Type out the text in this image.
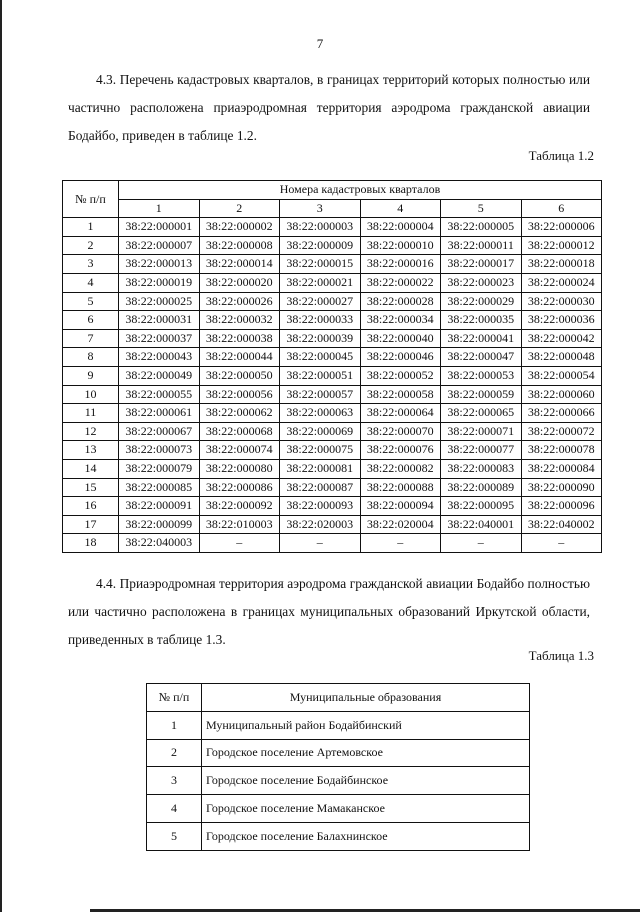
7

4.3. Перечень кадастровых кварталов, в границах территорий которых полностью или частично расположена приаэродромная территория аэродрома гражданской авиации Бодайбо, приведен в таблице 1.2.

Таблица 1.2
№ п/п	Номера кадастровых кварталов					
	1	2	3	4	5	6
1	38:22:000001	38:22:000002	38:22:000003	38:22:000004	38:22:000005	38:22:000006
2	38:22:000007	38:22:000008	38:22:000009	38:22:000010	38:22:000011	38:22:000012
3	38:22:000013	38:22:000014	38:22:000015	38:22:000016	38:22:000017	38:22:000018
4	38:22:000019	38:22:000020	38:22:000021	38:22:000022	38:22:000023	38:22:000024
5	38:22:000025	38:22:000026	38:22:000027	38:22:000028	38:22:000029	38:22:000030
6	38:22:000031	38:22:000032	38:22:000033	38:22:000034	38:22:000035	38:22:000036
7	38:22:000037	38:22:000038	38:22:000039	38:22:000040	38:22:000041	38:22:000042
8	38:22:000043	38:22:000044	38:22:000045	38:22:000046	38:22:000047	38:22:000048
9	38:22:000049	38:22:000050	38:22:000051	38:22:000052	38:22:000053	38:22:000054
10	38:22:000055	38:22:000056	38:22:000057	38:22:000058	38:22:000059	38:22:000060
11	38:22:000061	38:22:000062	38:22:000063	38:22:000064	38:22:000065	38:22:000066
12	38:22:000067	38:22:000068	38:22:000069	38:22:000070	38:22:000071	38:22:000072
13	38:22:000073	38:22:000074	38:22:000075	38:22:000076	38:22:000077	38:22:000078
14	38:22:000079	38:22:000080	38:22:000081	38:22:000082	38:22:000083	38:22:000084
15	38:22:000085	38:22:000086	38:22:000087	38:22:000088	38:22:000089	38:22:000090
16	38:22:000091	38:22:000092	38:22:000093	38:22:000094	38:22:000095	38:22:000096
17	38:22:000099	38:22:010003	38:22:020003	38:22:020004	38:22:040001	38:22:040002
18	38:22:040003	–	–	–	–	–

4.4. Приаэродромная территория аэродрома гражданской авиации Бодайбо полностью или частично расположена в границах муниципальных образований Иркутской области, приведенных в таблице 1.3.

Таблица 1.3
№ п/п	Муниципальные образования
1	Муниципальный район Бодайбинский
2	Городское поселение Артемовское
3	Городское поселение Бодайбинское
4	Городское поселение Мамаканское
5	Городское поселение Балахнинское
